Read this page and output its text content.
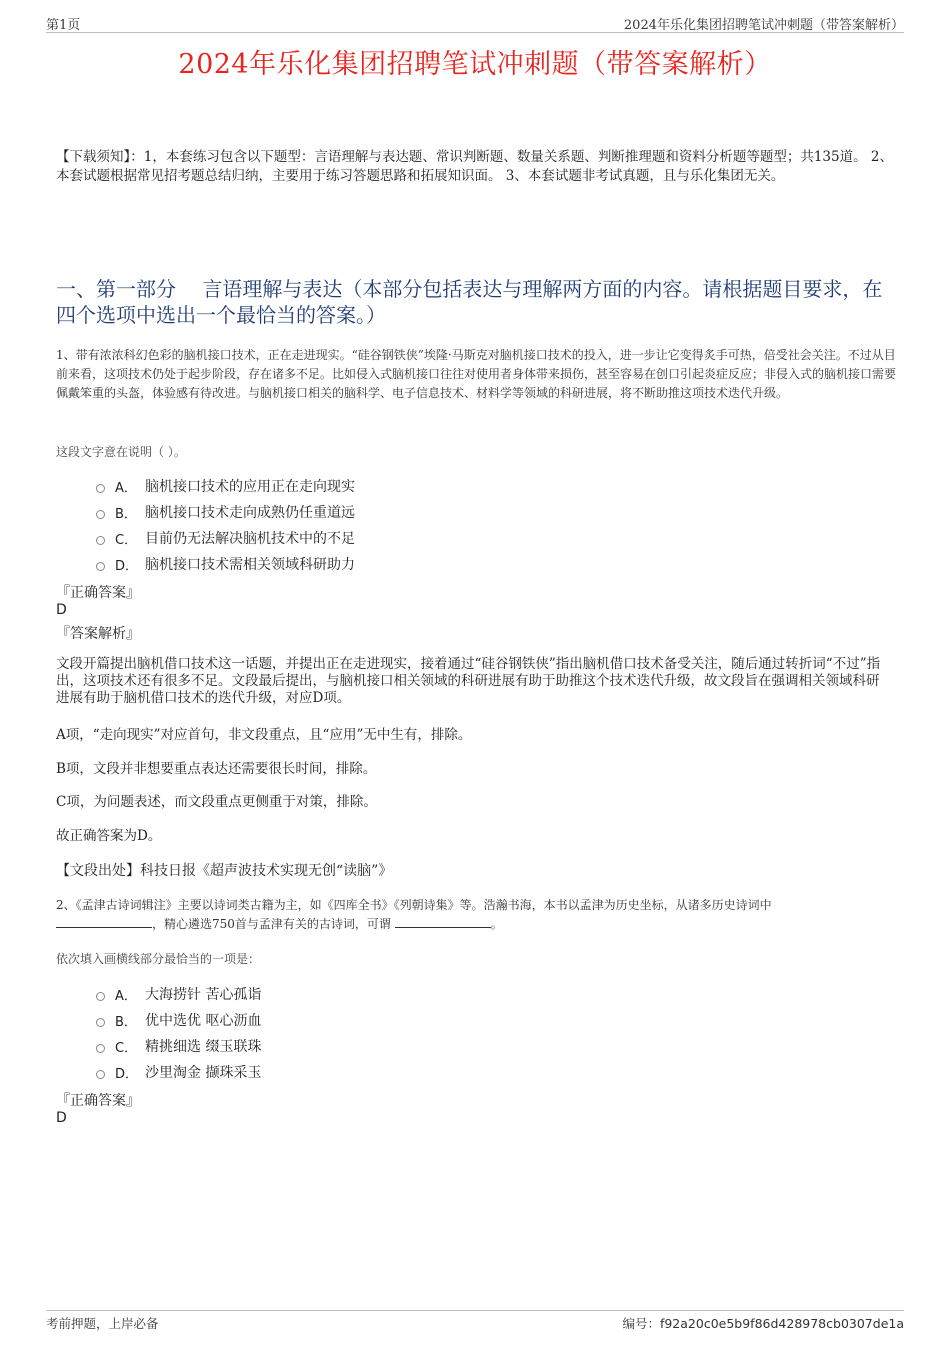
第1页	2024年乐化集团招聘笔试冲刺题（带答案解析）
2024年乐化集团招聘笔试冲刺题（带答案解析）
【下载须知】：1，本套练习包含以下题型：言语理解与表达题、常识判断题、数量关系题、判断推理题和资料分析题等题型；共135道。 2、本套试题根据常见招考题总结归纳，主要用于练习答题思路和拓展知识面。 3、本套试题非考试真题，且与乐化集团无关。
一、第一部分　 言语理解与表达（本部分包括表达与理解两方面的内容。请根据题目要求，在四个选项中选出一个最恰当的答案。）
1、带有浓浓科幻色彩的脑机接口技术，正在走进现实。“硅谷钢铁侠”埃隆·马斯克对脑机接口技术的投入，进一步让它变得炙手可热，倍受社会关注。不过从目前来看，这项技术仍处于起步阶段，存在诸多不足。比如侵入式脑机接口往往对使用者身体带来损伤，甚至容易在创口引起炎症反应；非侵入式的脑机接口需要佩戴笨重的头盔，体验感有待改进。与脑机接口相关的脑科学、电子信息技术、材料学等领域的科研进展，将不断助推这项技术迭代升级。
这段文字意在说明（ ）。
A． 脑机接口技术的应用正在走向现实
B． 脑机接口技术走向成熟仍任重道远
C． 目前仍无法解决脑机技术中的不足
D． 脑机接口技术需相关领域科研助力
『正确答案』
D
『答案解析』
文段开篇提出脑机借口技术这一话题，并提出正在走进现实，接着通过“硅谷钢铁侠”指出脑机借口技术备受关注，随后通过转折词“不过”指出，这项技术还有很多不足。文段最后提出，与脑机接口相关领域的科研进展有助于助推这个技术迭代升级，故文段旨在强调相关领域科研进展有助于脑机借口技术的迭代升级，对应D项。
A项，“走向现实”对应首句，非文段重点，且“应用”无中生有，排除。
B项，文段并非想要重点表达还需要很长时间，排除。
C项，为问题表述，而文段重点更侧重于对策，排除。
故正确答案为D。
【文段出处】科技日报《超声波技术实现无创“读脑”》
2、《孟津古诗词辑注》主要以诗词类古籍为主，如《四库全书》《列朝诗集》等。浩瀚书海，本书以孟津为历史坐标，从诸多历史诗词中
，精心遴选750首与孟津有关的古诗词，可谓	。
依次填入画横线部分最恰当的一项是：
A． 大海捞针 苦心孤诣
B． 优中选优 呕心沥血
C． 精挑细选 缀玉联珠
D． 沙里淘金 撷珠采玉
『正确答案』
D
考前押题，上岸必备	编号：f92a20c0e5b9f86d428978cb0307de1a
